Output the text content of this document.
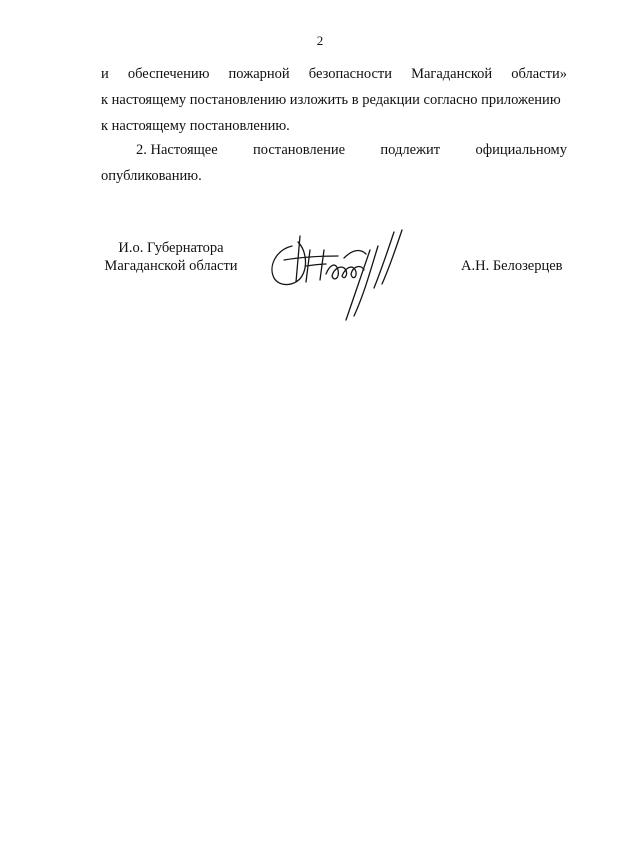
2
и обеспечению пожарной безопасности Магаданской области»
к настоящему постановлению изложить в редакции согласно приложению
к настоящему постановлению.
2. Настоящее постановление подлежит официальному
опубликованию.
И.о. Губернатора
Магаданской области	А.Н. Белозерцев
